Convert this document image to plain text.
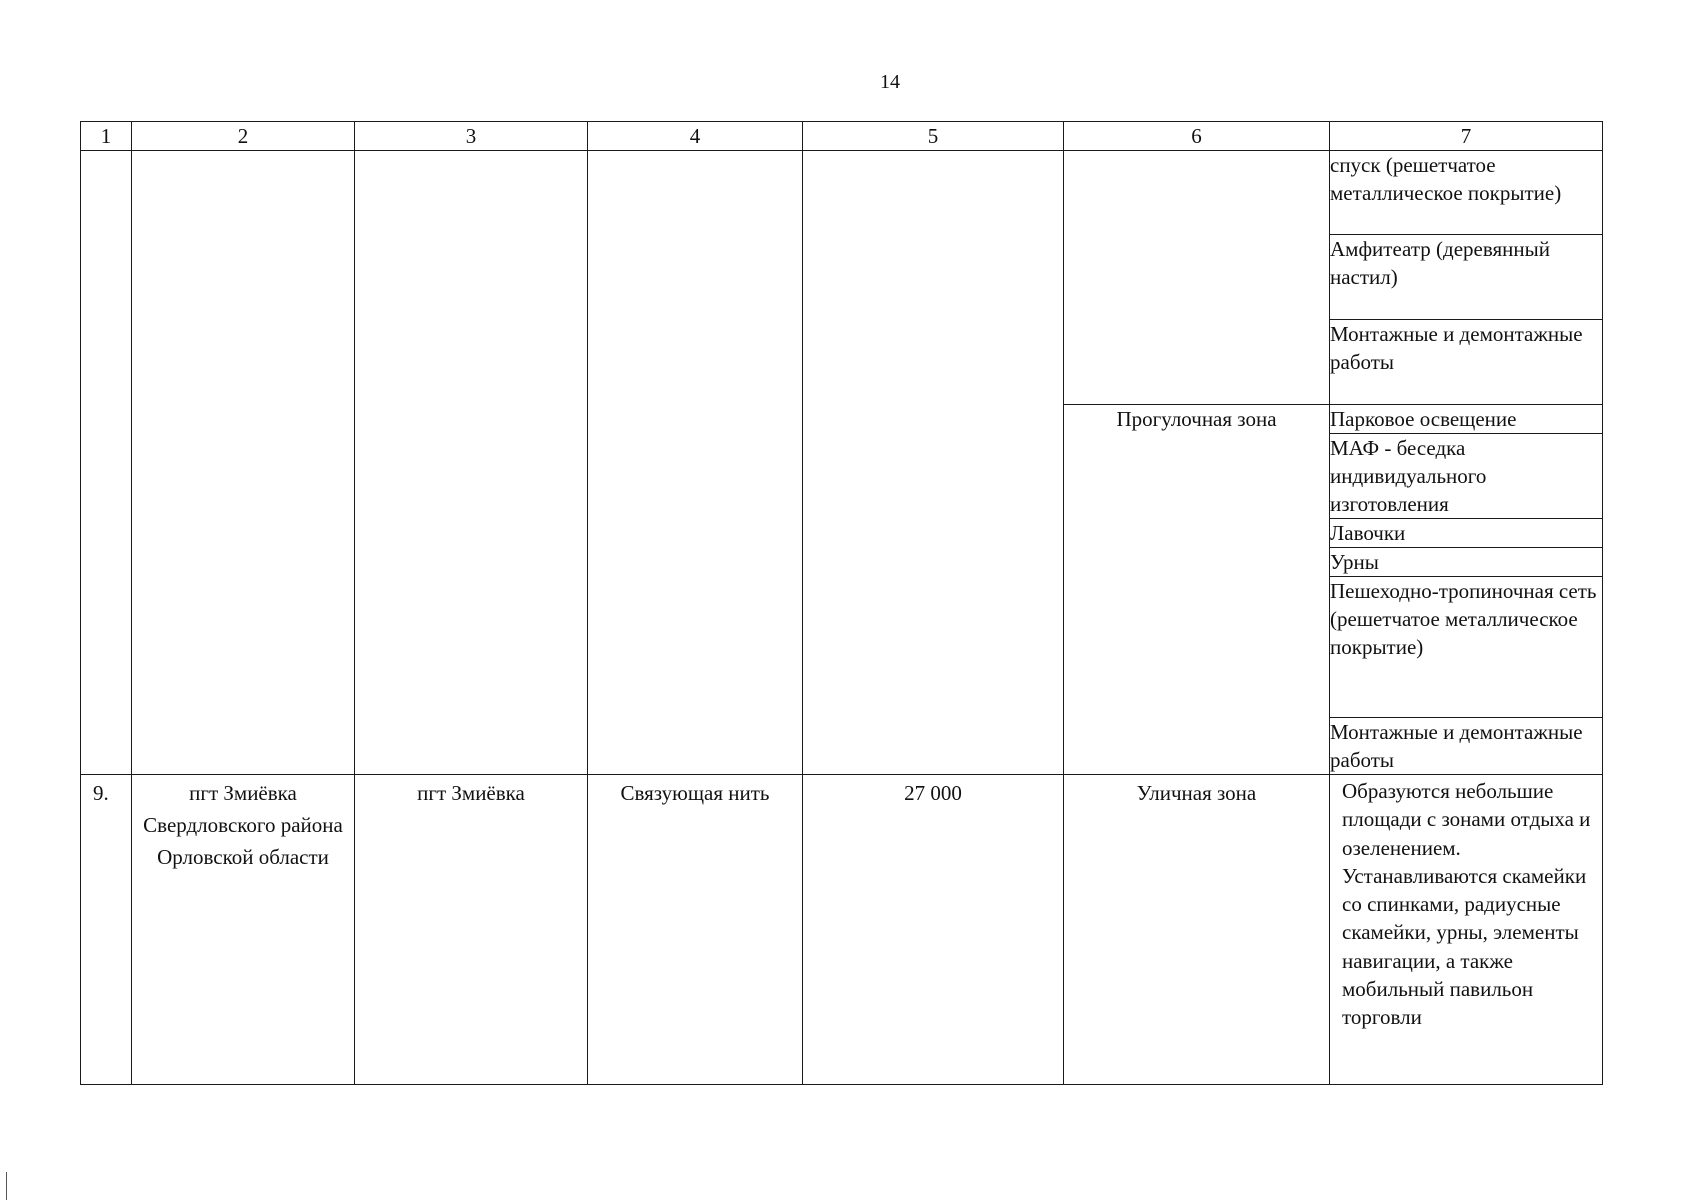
14
1	2	3	4	5	6	7
						спуск (решетчатое металлическое покрытие)
						Амфитеатр (деревянный настил)
						Монтажные и демонтажные работы
					Прогулочная зона	Парковое освещение
						МАФ - беседка индивидуального изготовления
						Лавочки
						Урны
						Пешеходно-тропиночная сеть (решетчатое металлическое покрытие)
						Монтажные и демонтажные работы
9.	пгт Змиёвка Свердловского района Орловской области	пгт Змиёвка	Связующая нить	27 000	Уличная зона	Образуются небольшие площади с зонами отдыха и озеленением. Устанавливаются скамейки со спинками, радиусные скамейки, урны, элементы навигации, а также мобильный павильон торговли
